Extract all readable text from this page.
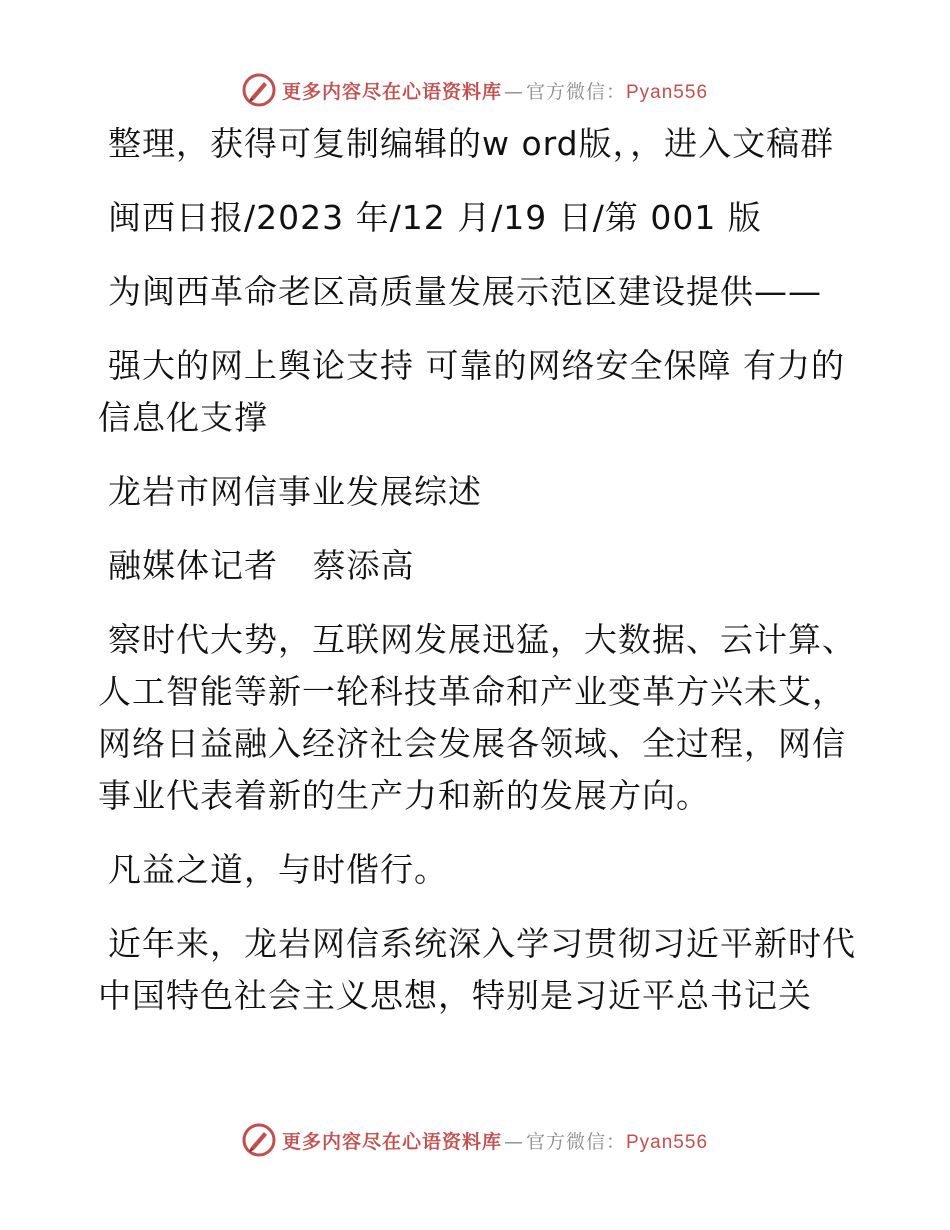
更多内容尽在心语资料库 — 官方微信：Pyan556

整理，获得可复制编辑的w ord版，，进入文稿群

闽西日报/2023 年/12 月/19 日/第 001 版

为闽西革命老区高质量发展示范区建设提供——

强大的网上舆论支持 可靠的网络安全保障 有力的信息化支撑

龙岩市网信事业发展综述

融媒体记者   蔡添高

察时代大势，互联网发展迅猛，大数据、云计算、人工智能等新一轮科技革命和产业变革方兴未艾，网络日益融入经济社会发展各领域、全过程，网信事业代表着新的生产力和新的发展方向。

凡益之道，与时偕行。

近年来，龙岩网信系统深入学习贯彻习近平新时代中国特色社会主义思想，特别是习近平总书记关

更多内容尽在心语资料库 — 官方微信：Pyan556
